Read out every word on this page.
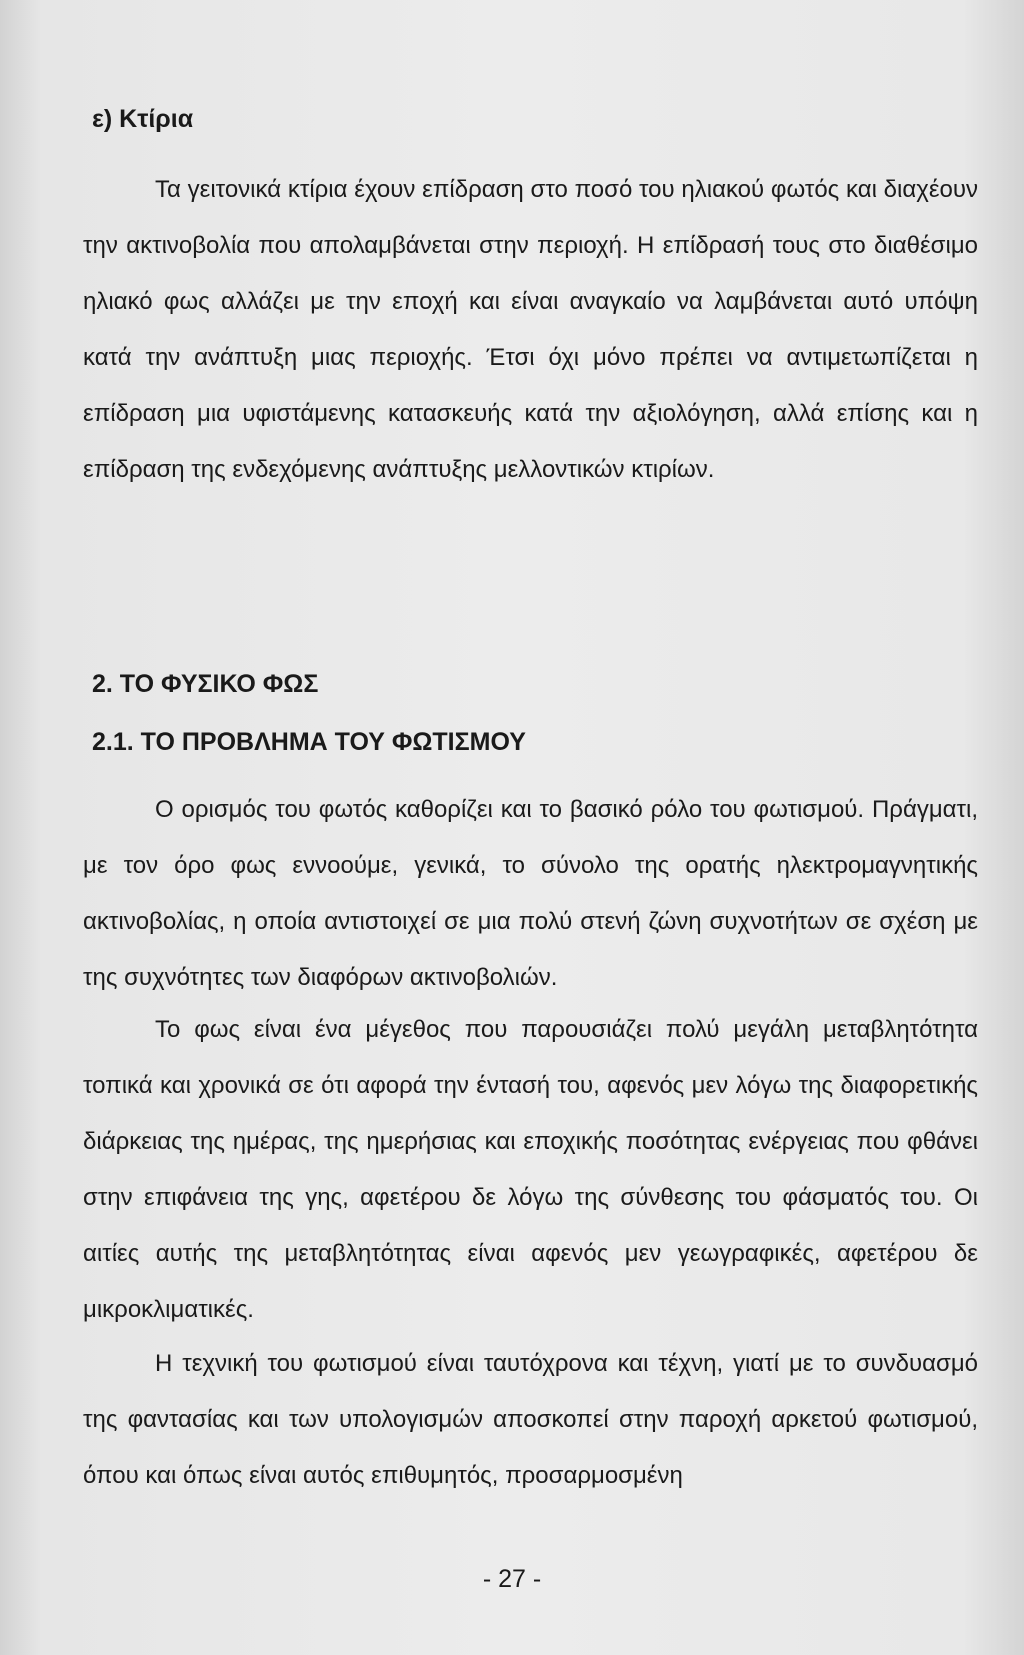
ε) Κτίρια

Τα γειτονικά κτίρια έχουν επίδραση στο ποσό του ηλιακού φωτός και διαχέουν την ακτινοβολία που απολαμβάνεται στην περιοχή. Η επίδρασή τους στο διαθέσιμο ηλιακό φως αλλάζει με την εποχή και είναι αναγκαίο να λαμβάνεται αυτό υπόψη κατά την ανάπτυξη μιας περιοχής. Έτσι όχι μόνο πρέπει να αντιμετωπίζεται η επίδραση μια υφιστάμενης κατασκευής κατά την αξιολόγηση, αλλά επίσης και η επίδραση της ενδεχόμενης ανάπτυξης μελλοντικών κτιρίων.

2. ΤΟ ΦΥΣΙΚΟ ΦΩΣ
2.1. ΤΟ ΠΡΟΒΛΗΜΑ ΤΟΥ ΦΩΤΙΣΜΟΥ

Ο ορισμός του φωτός καθορίζει και το βασικό ρόλο του φωτισμού. Πράγματι, με τον όρο φως εννοούμε, γενικά, το σύνολο της ορατής ηλεκτρομαγνητικής ακτινοβολίας, η οποία αντιστοιχεί σε μια πολύ στενή ζώνη συχνοτήτων σε σχέση με της συχνότητες των διαφόρων ακτινοβολιών.

Το φως είναι ένα μέγεθος που παρουσιάζει πολύ μεγάλη μεταβλητότητα τοπικά και χρονικά σε ότι αφορά την έντασή του, αφενός μεν λόγω της διαφορετικής διάρκειας της ημέρας, της ημερήσιας και εποχικής ποσότητας ενέργειας που φθάνει στην επιφάνεια της γης, αφετέρου δε λόγω της σύνθεσης του φάσματός του. Οι αιτίες αυτής της μεταβλητότητας είναι αφενός μεν γεωγραφικές, αφετέρου δε μικροκλιματικές.

Η τεχνική του φωτισμού είναι ταυτόχρονα και τέχνη, γιατί με το συνδυασμό της φαντασίας και των υπολογισμών αποσκοπεί στην παροχή αρκετού φωτισμού, όπου και όπως είναι αυτός επιθυμητός, προσαρμοσμένη

- 27 -
